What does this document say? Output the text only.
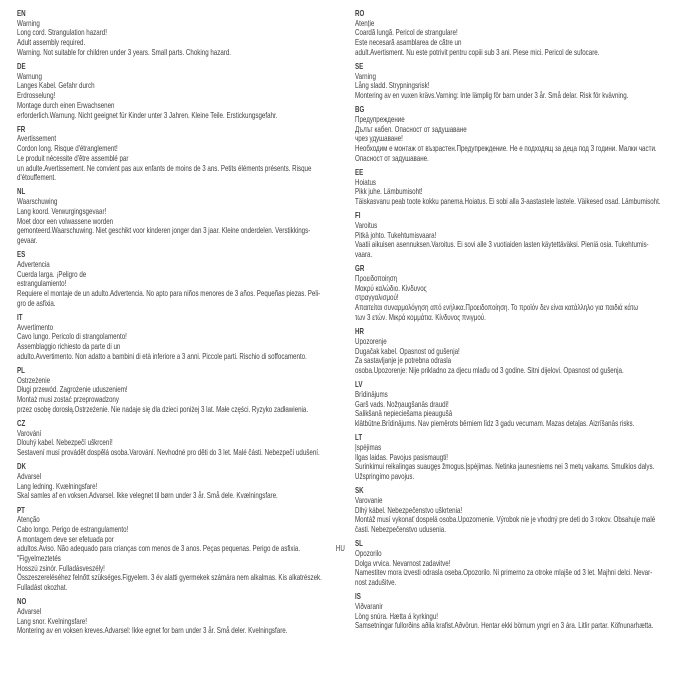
EN
Warning
Long cord. Strangulation hazard!
Adult assembly required.
Warning. Not suitable for children under 3 years. Small parts. Choking hazard.
DE
Warnung
Langes Kabel. Gefahr durch
Erdrosselung!
Montage durch einen Erwachsenen
erforderlich.Warnung. Nicht geeignet für Kinder unter 3 Jahren. Kleine Teile. Erstickungsgefahr.
FR
Avertissement
Cordon long. Risque d'étranglement!
Le produit nécessite d'être assemblé par
un adulte.Avertissement. Ne convient pas aux enfants de moins de 3 ans. Petits éléments présents. Risque
d'étouffement.
NL
Waarschuwing
Lang koord. Verwurgingsgevaar!
Moet door een volwassene worden
gemonteerd.Waarschuwing. Niet geschikt voor kinderen jonger dan 3 jaar. Kleine onderdelen. Verstikkings-
gevaar.
ES
Advertencia
Cuerda larga. ¡Peligro de
estrangulamiento!
Requiere el montaje de un adulto.Advertencia. No apto para niños menores de 3 años. Pequeñas piezas. Peli-
gro de asfixia.
IT
Avvertimento
Cavo lungo. Pericolo di strangolamento!
Assemblaggio richiesto da parte di un
adulto.Avvertimento. Non adatto a bambini di età inferiore a 3 anni. Piccole parti. Rischio di soffocamento.
PL
Ostrzeżenie
Długi przewód. Zagrożenie uduszeniem!
Montaż musi zostać przeprowadzony
przez osobę dorosłą.Ostrzeżenie. Nie nadaje się dla dzieci poniżej 3 lat. Małe części. Ryzyko zadławienia.
CZ
Varování
Dlouhý kabel. Nebezpečí uškrcení!
Sestavení musí provádět dospělá osoba.Varování. Nevhodné pro děti do 3 let. Malé části. Nebezpečí udušení.
DK
Advarsel
Lang ledning. Kvælningsfare!
Skal samles af en voksen.Advarsel. Ikke velegnet til børn under 3 år. Små dele. Kvælningsfare.
PT
Atenção
Cabo longo. Perigo de estrangulamento!
A montagem deve ser efetuada por
adultos.Aviso. Não adequado para crianças com menos de 3 anos. Peças pequenas. Perigo de asfixia.	HU
"Figyelmeztetés
Hosszú zsinór. Fulladásveszély!
Összeszereléséhez felnőtt szükséges.Figyelem. 3 év alatti gyermekek számára nem alkalmas. Kis alkatrészek.
Fulladást okozhat.
NO
Advarsel
Lang snor. Kvelningsfare!
Montering av en voksen kreves.Advarsel: Ikke egnet for barn under 3 år. Små deler. Kvelningsfare.
RO
Atenție
Coardă lungă. Pericol de strangulare!
Este necesară asamblarea de către un
adult.Avertisment. Nu este potrivit pentru copiii sub 3 ani. Piese mici. Pericol de sufocare.
SE
Varning
Lång sladd. Strypningsrisk!
Montering av en vuxen krävs.Varning: Inte lämplig för barn under 3 år. Små delar. Risk för kvävning.
BG
Предупреждение
Дълъг кабел. Опасност от задушаване
чрез удушаване!
Необходим е монтаж от възрастен.Предупреждение. Не е подходящ за деца под 3 години. Малки части.
Опасност от задушаване.
EE
Hoiatus
Pikk juhe. Lämbumisoht!
Täiskasvanu peab toote kokku panema.Hoiatus. Ei sobi alla 3-aastastele lastele. Väikesed osad. Lämbumisoht.
FI
Varoitus
Pitkä johto. Tukehtumisvaara!
Vaatii aikuisen asennuksen.Varoitus. Ei sovi alle 3 vuotiaiden lasten käytettäväksi. Pieniä osia. Tukehtumis-
vaara.
GR
Προειδοποίηση
Μακρύ καλώδιο. Κίνδυνος
στραγγαλισμού!
Απαιτείται συναρμολόγηση από ενήλικα.Προειδοποίηση. Το προϊόν δεν είναι κατάλληλο για παιδιά κάτω
των 3 ετών. Μικρά κομμάτια. Κίνδυνος πνιγμού.
HR
Upozorenje
Dugačak kabel. Opasnost od gušenja!
Za sastavljanje je potrebna odrasla
osoba.Upozorenje: Nije prikladno za djecu mlađu od 3 godine. Sitni dijelovi. Opasnost od gušenja.
LV
Brīdinājums
Garš vads. Nožņaugšanās draudi!
Salikšanā nepieciešama pieaugušā
klātbūtne.Brīdinājums. Nav piemērots bērniem līdz 3 gadu vecumam. Mazas detaļas. Aizrīšanās risks.
LT
Įspėjimas
Ilgas laidas. Pavojus pasismaugti!
Surinkimui reikalingas suaugęs žmogus.Įspėjimas. Netinka jaunesniems nei 3 metų vaikams. Smulkios dalys.
Užspringimo pavojus.
SK
Varovanie
Dlhý kábel. Nebezpečenstvo uškrtenia!
Montáž musí vykonať dospelá osoba.Upozornenie. Výrobok nie je vhodný pre deti do 3 rokov. Obsahuje malé
časti. Nebezpečenstvo udusenia.
SL
Opozorilo
Dolga vrvica. Nevarnost zadavitve!
Namestitev mora izvesti odrasla oseba.Opozorilo. Ni primerno za otroke mlajše od 3 let. Majhni delci. Nevar-
nost zadušitve.
IS
Viðvaranir
Löng snúra. Hætta á kyrkingu!
Samsetningar fullorðins aðila krafist.Aðvörun. Hentar ekki börnum yngri en 3 ára. Litlir partar. Köfnunarhætta.
